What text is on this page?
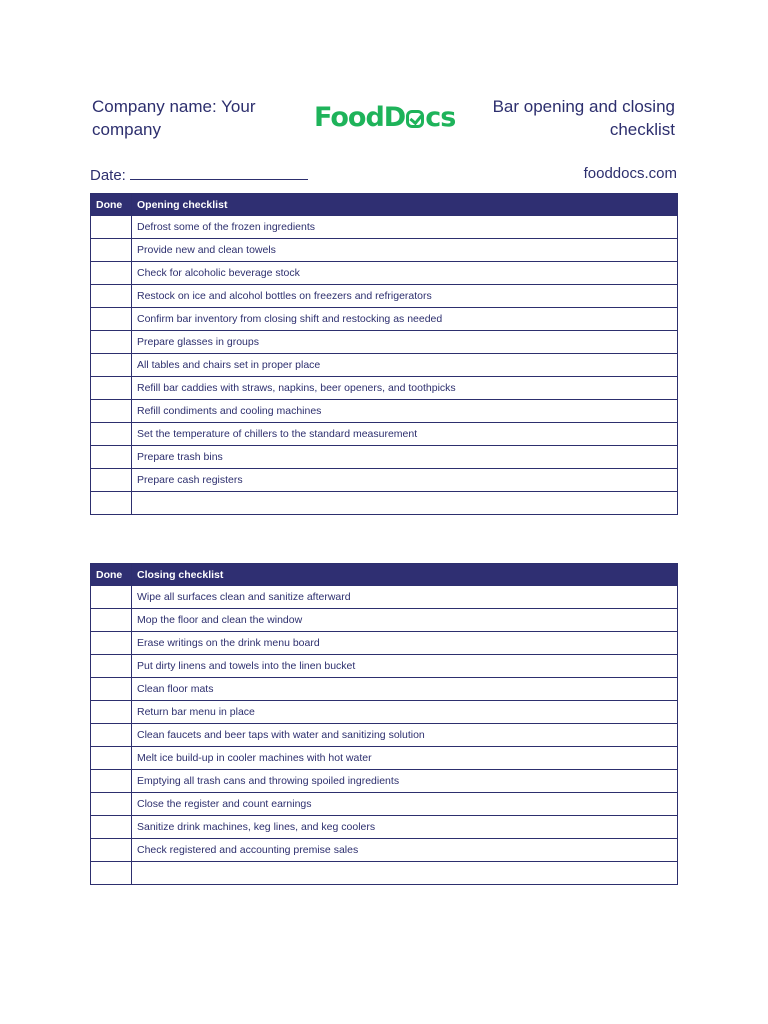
Company name: Your company	Food D cs	Bar opening and closing checklist
Date:	fooddocs.com
Done	Opening checklist
	Defrost some of the frozen ingredients
	Provide new and clean towels
	Check for alcoholic beverage stock
	Restock on ice and alcohol bottles on freezers and refrigerators
	Confirm bar inventory from closing shift and restocking as needed
	Prepare glasses in groups
	All tables and chairs set in proper place
	Refill bar caddies with straws, napkins, beer openers, and toothpicks
	Refill condiments and cooling machines
	Set the temperature of chillers to the standard measurement
	Prepare trash bins
	Prepare cash registers

Done	Closing checklist
	Wipe all surfaces clean and sanitize afterward
	Mop the floor and clean the window
	Erase writings on the drink menu board
	Put dirty linens and towels into the linen bucket
	Clean floor mats
	Return bar menu in place
	Clean faucets and beer taps with water and sanitizing solution
	Melt ice build-up in cooler machines with hot water
	Emptying all trash cans and throwing spoiled ingredients
	Close the register and count earnings
	Sanitize drink machines, keg lines, and keg coolers
	Check registered and accounting premise sales
